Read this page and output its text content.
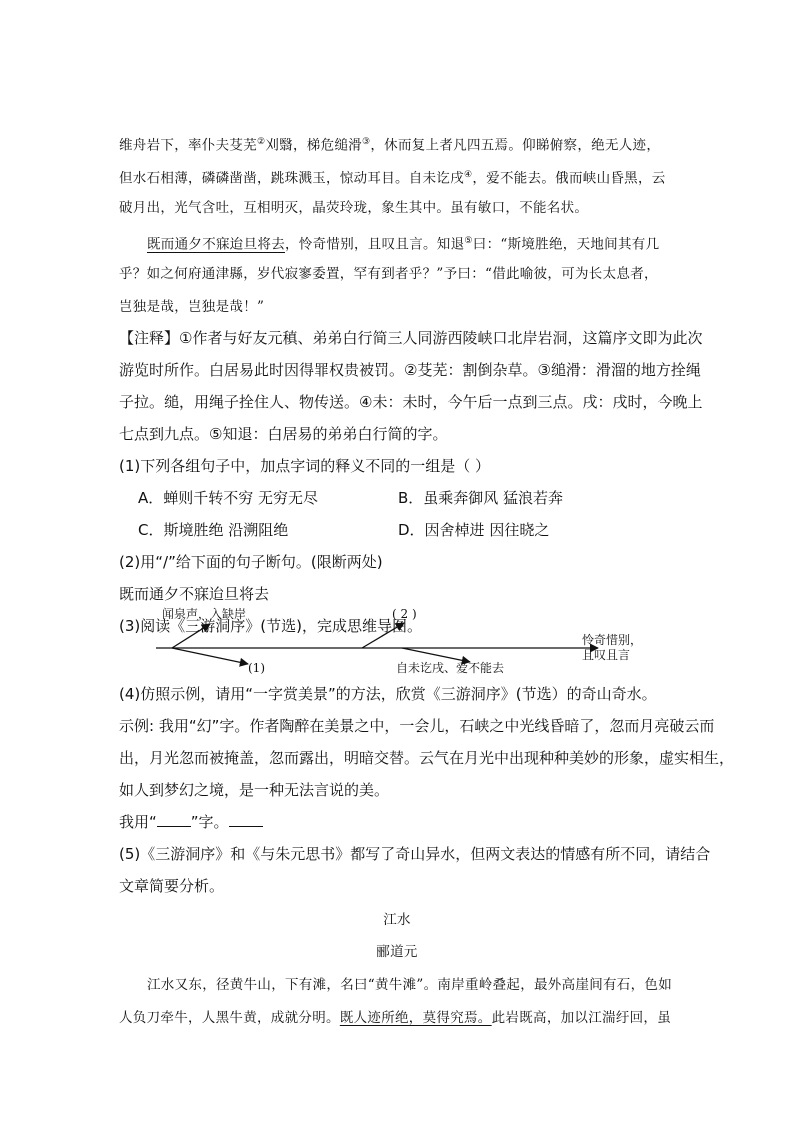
维舟岩下，率仆夫芟芜②刈翳，梯危缒滑③，休而复上者凡四五焉。仰睇俯察，绝无人迹，
但水石相薄，磷磷凿凿，跳珠溅玉，惊动耳目。自未讫戌④，爱不能去。俄而峡山昏黑，云
破月出，光气含吐，互相明灭，晶荧玲珑，象生其中。虽有敏口，不能名状。
既而通夕不寐迨旦将去，怜奇惜别，且叹且言。知退⑤曰：“斯境胜绝，天地间其有几
乎？如之何府通津縣，岁代寂寥委置，罕有到者乎？”予曰：“借此喻彼，可为长太息者，
岂独是哉，岂独是哉！”
【注释】①作者与好友元稹、弟弟白行简三人同游西陵峡口北岸岩洞，这篇序文即为此次
游览时所作。白居易此时因得罪权贵被罚。②芟芜：割倒杂草。③缒滑：滑溜的地方拴绳
子拉。缒，用绳子拴住人、物传送。④未：未时，今午后一点到三点。戌：戌时，今晚上
七点到九点。⑤知退：白居易的弟弟白行简的字。
(1)下列各组句子中，加点字词的释义不同的一组是（ ）
A．蝉则千转不穷 无穷无尽	B．虽乘奔御风 猛浪若奔
C．斯境胜绝 沿溯阻绝	D．因舍棹进 因往晓之
(2)用“/”给下面的句子断句。(限断两处)
既而通夕不寐迨旦将去
(3)阅读《三游洞序》(节选)，完成思维导图。
闻泉声，入缺岸	( 2 )
(1)	自未讫戌、爱不能去
怜奇惜别，
且叹且言
(4)仿照示例，请用“一字赏美景”的方法，欣赏《三游洞序》(节选）的奇山奇水。
示例: 我用“幻”字。作者陶醉在美景之中，一会儿，石峡之中光线昏暗了，忽而月亮破云而
出，月光忽而被掩盖，忽而露出，明暗交替。云气在月光中出现种种美妙的形象，虚实相生，
如人到梦幻之境，是一种无法言说的美。
我用“ ”字。
(5)《三游洞序》和《与朱元思书》都写了奇山异水，但两文表达的情感有所不同，请结合
文章简要分析。
江水
郦道元
江水又东，径黄牛山，下有滩，名曰“黄牛滩”。南岸重岭叠起，最外高崖间有石，色如
人负刀牵牛，人黑牛黄，成就分明。既人迹所绝，莫得究焉。此岩既高，加以江湍纡回，虽
